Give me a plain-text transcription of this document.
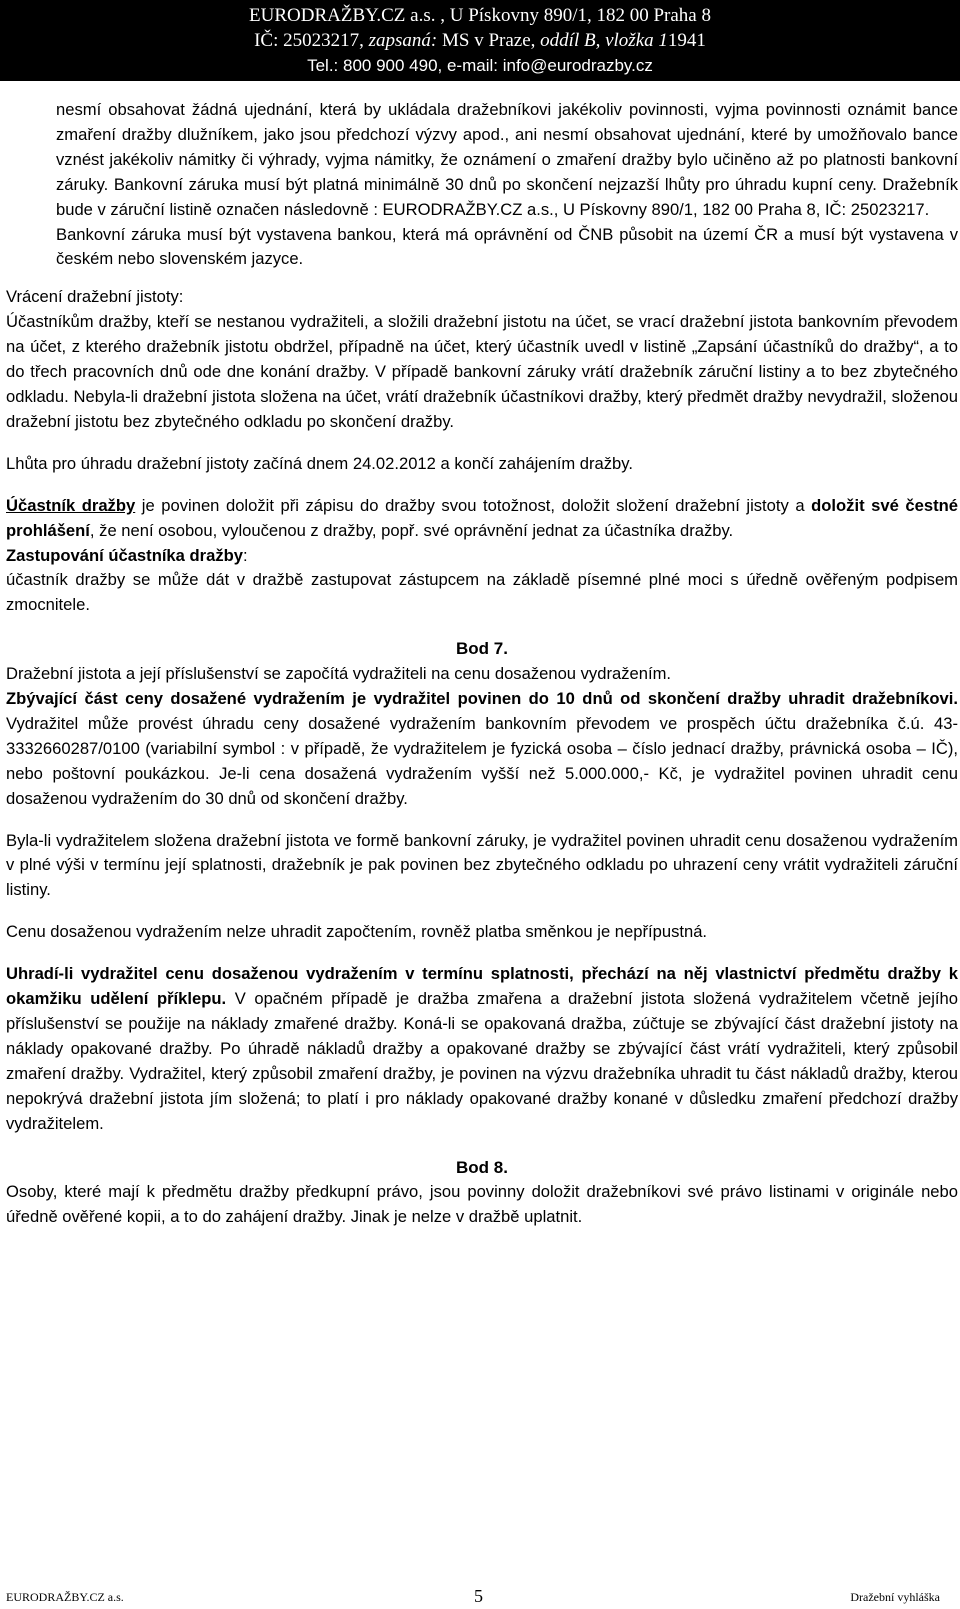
EURODRAŽBY.CZ a.s. , U Pískovny 890/1, 182 00 Praha 8
IČ: 25023217, zapsaná: MS v Praze, oddíl B, vložka 11941
Tel.: 800 900 490, e-mail: info@eurodrazby.cz

nesmí obsahovat žádná ujednání, která by ukládala dražebníkovi jakékoliv povinnosti, vyjma povinnosti oznámit bance zmaření dražby dlužníkem, jako jsou předchozí výzvy apod., ani nesmí obsahovat ujednání, které by umožňovalo bance vznést jakékoliv námitky či výhrady, vyjma námitky, že oznámení o zmaření dražby bylo učiněno až po platnosti bankovní záruky. Bankovní záruka musí být platná minimálně 30 dnů po skončení nejzazší lhůty pro úhradu kupní ceny. Dražebník bude v záruční listině označen následovně : EURODRAŽBY.CZ a.s., U Pískovny 890/1, 182 00 Praha 8, IČ: 25023217.

Bankovní záruka musí být vystavena bankou, která má oprávnění od ČNB působit na území ČR a musí být vystavena v českém nebo slovenském jazyce.

Vrácení dražební jistoty:

Účastníkům dražby, kteří se nestanou vydražiteli, a složili dražební jistotu na účet, se vrací dražební jistota bankovním převodem na účet, z kterého dražebník jistotu obdržel, případně na účet, který účastník uvedl v listině „Zapsání účastníků do dražby“, a to do třech pracovních dnů ode dne konání dražby. V případě bankovní záruky vrátí dražebník záruční listiny a to bez zbytečného odkladu. Nebyla-li dražební jistota složena na účet, vrátí dražebník účastníkovi dražby, který předmět dražby nevydražil, složenou dražební jistotu bez zbytečného odkladu po skončení dražby.

Lhůta pro úhradu dražební jistoty začíná dnem 24.02.2012 a končí zahájením dražby.

Účastník dražby je povinen doložit při zápisu do dražby svou totožnost, doložit složení dražební jistoty a doložit své čestné prohlášení, že není osobou, vyloučenou z dražby, popř. své oprávnění jednat za účastníka dražby.

Zastupování účastníka dražby:

účastník dražby se může dát v dražbě zastupovat zástupcem na základě písemné plné moci s úředně ověřeným podpisem zmocnitele.

Bod 7.

Dražební jistota a její příslušenství se započítá vydražiteli na cenu dosaženou vydražením.

Zbývající část ceny dosažené vydražením je vydražitel povinen do 10 dnů od skončení dražby uhradit dražebníkovi. Vydražitel může provést úhradu ceny dosažené vydražením bankovním převodem ve prospěch účtu dražebníka č.ú. 43-3332660287/0100 (variabilní symbol : v případě, že vydražitelem je fyzická osoba – číslo jednací dražby, právnická osoba – IČ), nebo poštovní poukázkou. Je-li cena dosažená vydražením vyšší než 5.000.000,- Kč, je vydražitel povinen uhradit cenu dosaženou vydražením do 30 dnů od skončení dražby.

Byla-li vydražitelem složena dražební jistota ve formě bankovní záruky, je vydražitel povinen uhradit cenu dosaženou vydražením v plné výši v termínu její splatnosti, dražebník je pak povinen bez zbytečného odkladu po uhrazení ceny vrátit vydražiteli záruční listiny.

Cenu dosaženou vydražením nelze uhradit započtením, rovněž platba směnkou je nepřípustná.

Uhradí-li vydražitel cenu dosaženou vydražením v termínu splatnosti, přechází na něj vlastnictví předmětu dražby k okamžiku udělení příklepu. V opačném případě je dražba zmařena a dražební jistota složená vydražitelem včetně jejího příslušenství se použije na náklady zmařené dražby. Koná-li se opakovaná dražba, zúčtuje se zbývající část dražební jistoty na náklady opakované dražby. Po úhradě nákladů dražby a opakované dražby se zbývající část vrátí vydražiteli, který způsobil zmaření dražby. Vydražitel, který způsobil zmaření dražby, je povinen na výzvu dražebníka uhradit tu část nákladů dražby, kterou nepokrývá dražební jistota jím složená; to platí i pro náklady opakované dražby konané v důsledku zmaření předchozí dražby vydražitelem.

Bod 8.

Osoby, které mají k předmětu dražby předkupní právo, jsou povinny doložit dražebníkovi své právo listinami v originále nebo úředně ověřené kopii, a to do zahájení dražby. Jinak je nelze v dražbě uplatnit.

EURODRAŽBY.CZ a.s.	5	Dražební vyhláška
